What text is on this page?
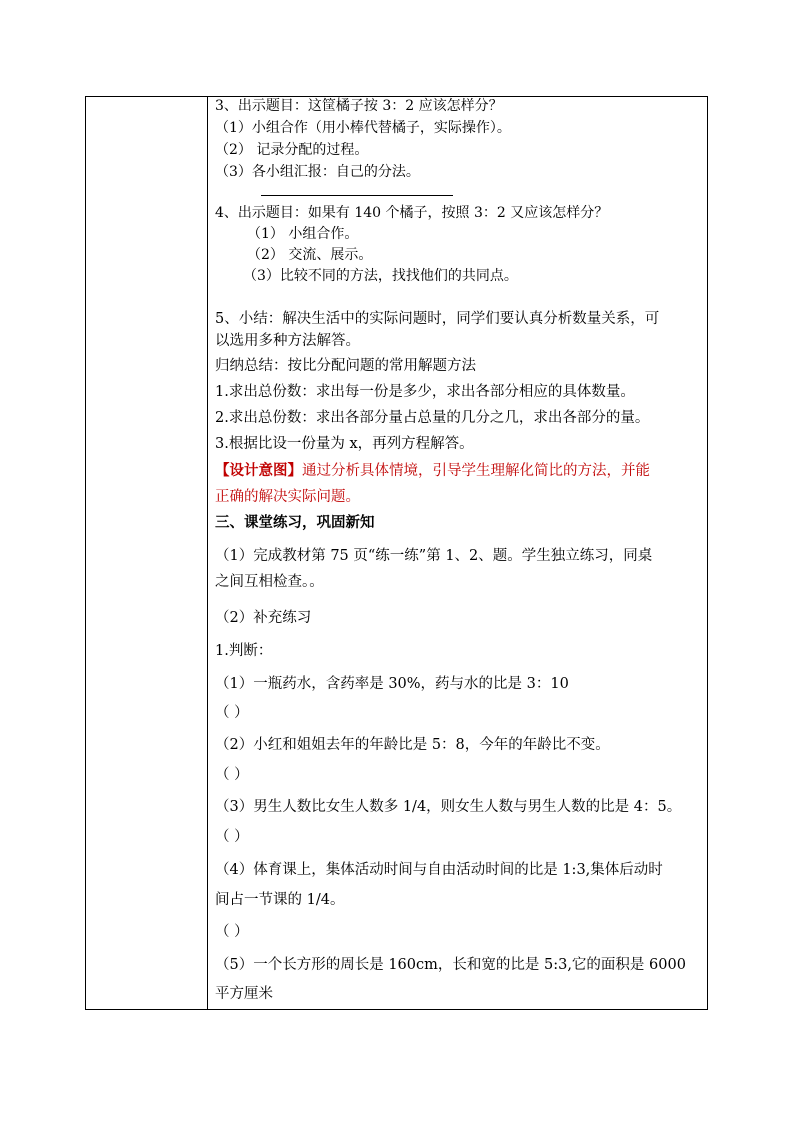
3、出示题目：这筐橘子按 3：2 应该怎样分？
（1）小组合作（用小棒代替橘子，实际操作）。
（2） 记录分配的过程。
（3）各小组汇报：自己的分法。
4、出示题目：如果有 140 个橘子，按照 3：2 又应该怎样分？
（1） 小组合作。
（2） 交流、展示。
（3）比较不同的方法，找找他们的共同点。
5、小结：解决生活中的实际问题时，同学们要认真分析数量关系，可
以选用多种方法解答。
归纳总结：按比分配问题的常用解题方法
1.求出总份数：求出每一份是多少，求出各部分相应的具体数量。
2.求出总份数：求出各部分量占总量的几分之几，求出各部分的量。
3.根据比设一份量为 x，再列方程解答。
【设计意图】通过分析具体情境，引导学生理解化简比的方法，并能
正确的解决实际问题。
三、课堂练习，巩固新知
（1）完成教材第 75 页“练一练”第 1、2、题。学生独立练习，同桌
之间互相检查。。
（2）补充练习
1.判断：
（1）一瓶药水，含药率是 30%，药与水的比是 3：10
（ ）
（2）小红和姐姐去年的年龄比是 5：8，今年的年龄比不变。
（ ）
（3）男生人数比女生人数多 1/4，则女生人数与男生人数的比是 4：5。
（ ）
（4）体育课上，集体活动时间与自由活动时间的比是 1:3,集体后动时
间占一节课的 1/4。
（ ）
（5）一个长方形的周长是 160cm，长和宽的比是 5:3,它的面积是 6000
平方厘米
